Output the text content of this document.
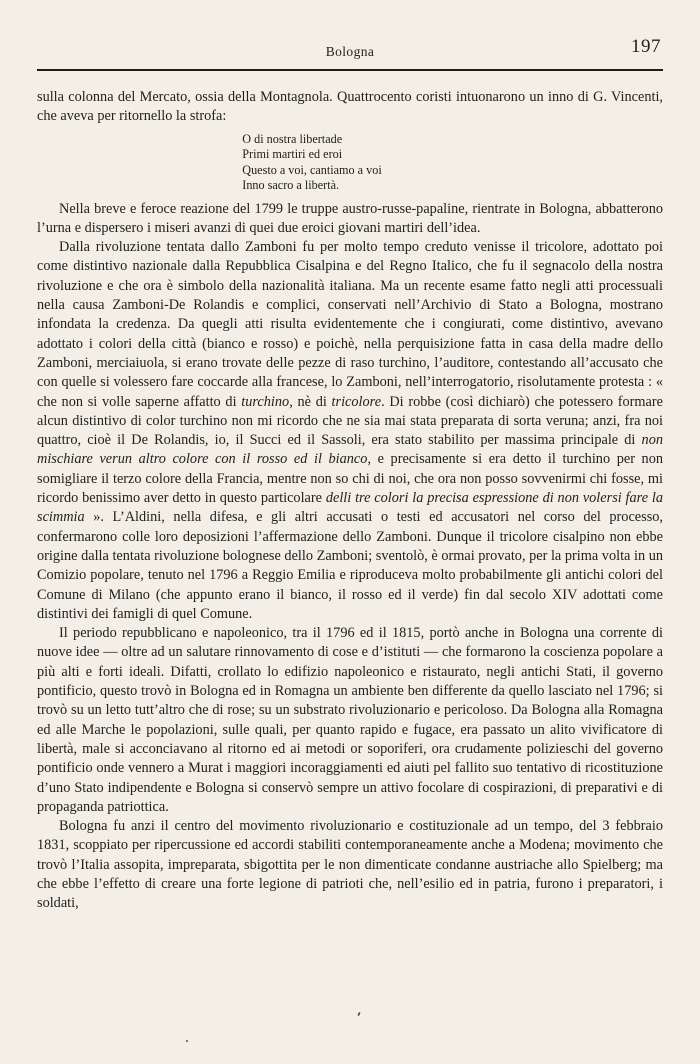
Bologna	197

sulla colonna del Mercato, ossia della Montagnola. Quattrocento coristi intuonarono un inno di G. Vincenti, che aveva per ritornello la strofa:

O di nostra libertade
Primi martiri ed eroi
Questo a voi, cantiamo a voi
Inno sacro a libertà.

Nella breve e feroce reazione del 1799 le truppe austro-russe-papaline, rientrate in Bologna, abbatterono l’urna e dispersero i miseri avanzi di quei due eroici giovani martiri dell’idea.

Dalla rivoluzione tentata dallo Zamboni fu per molto tempo creduto venisse il tricolore, adottato poi come distintivo nazionale dalla Repubblica Cisalpina e del Regno Italico, che fu il segnacolo della nostra rivoluzione e che ora è simbolo della nazionalità italiana. Ma un recente esame fatto negli atti processuali nella causa Zamboni-De Rolandis e complici, conservati nell’Archivio di Stato a Bologna, mostrano infondata la credenza. Da quegli atti risulta evidentemente che i congiurati, come distintivo, avevano adottato i colori della città (bianco e rosso) e poichè, nella perquisizione fatta in casa della madre dello Zamboni, merciaiuola, si erano trovate delle pezze di raso turchino, l’auditore, contestando all’accusato che con quelle si volessero fare coccarde alla francese, lo Zamboni, nell’interrogatorio, risolutamente protesta : « che non si volle saperne affatto di turchino, nè di tricolore. Di robbe (così dichiarò) che potessero formare alcun distintivo di color turchino non mi ricordo che ne sia mai stata preparata di sorta veruna; anzi, fra noi quattro, cioè il De Rolandis, io, il Succi ed il Sassoli, era stato stabilito per massima principale di non mischiare verun altro colore con il rosso ed il bianco, e precisamente si era detto il turchino per non somigliare il terzo colore della Francia, mentre non so chi di noi, che ora non posso sovvenirmi chi fosse, mi ricordo benissimo aver detto in questo particolare delli tre colori la precisa espressione di non volersi fare la scimmia ». L’Aldini, nella difesa, e gli altri accusati o testi ed accusatori nel corso del processo, confermarono colle loro deposizioni l’affermazione dello Zamboni. Dunque il tricolore cisalpino non ebbe origine dalla tentata rivoluzione bolognese dello Zamboni; sventolò, è ormai provato, per la prima volta in un Comizio popolare, tenuto nel 1796 a Reggio Emilia e riproduceva molto probabilmente gli antichi colori del Comune di Milano (che appunto erano il bianco, il rosso ed il verde) fin dal secolo XIV adottati come distintivi dei famigli di quel Comune.

Il periodo repubblicano e napoleonico, tra il 1796 ed il 1815, portò anche in Bologna una corrente di nuove idee — oltre ad un salutare rinnovamento di cose e d’istituti — che formarono la coscienza popolare a più alti e forti ideali. Difatti, crollato lo edifizio napoleonico e ristaurato, negli antichi Stati, il governo pontificio, questo trovò in Bologna ed in Romagna un ambiente ben differente da quello lasciato nel 1796; si trovò su un letto tutt’altro che di rose; su un substrato rivoluzionario e pericoloso. Da Bologna alla Romagna ed alle Marche le popolazioni, sulle quali, per quanto rapido e fugace, era passato un alito vivificatore di libertà, male si acconciavano al ritorno ed ai metodi or soporiferi, ora crudamente polizieschi del governo pontificio onde vennero a Murat i maggiori incoraggiamenti ed aiuti pel fallito suo tentativo di ricostituzione d’uno Stato indipendente e Bologna si conservò sempre un attivo focolare di cospirazioni, di preparativi e di propaganda patriottica.

Bologna fu anzi il centro del movimento rivoluzionario e costituzionale ad un tempo, del 3 febbraio 1831, scoppiato per ripercussione ed accordi stabiliti contemporaneamente anche a Modena; movimento che trovò l’Italia assopita, impreparata, sbigottita per le non dimenticate condanne austriache allo Spielberg; ma che ebbe l’effetto di creare una forte legione di patrioti che, nell’esilio ed in patria, furono i preparatori, i soldati,
